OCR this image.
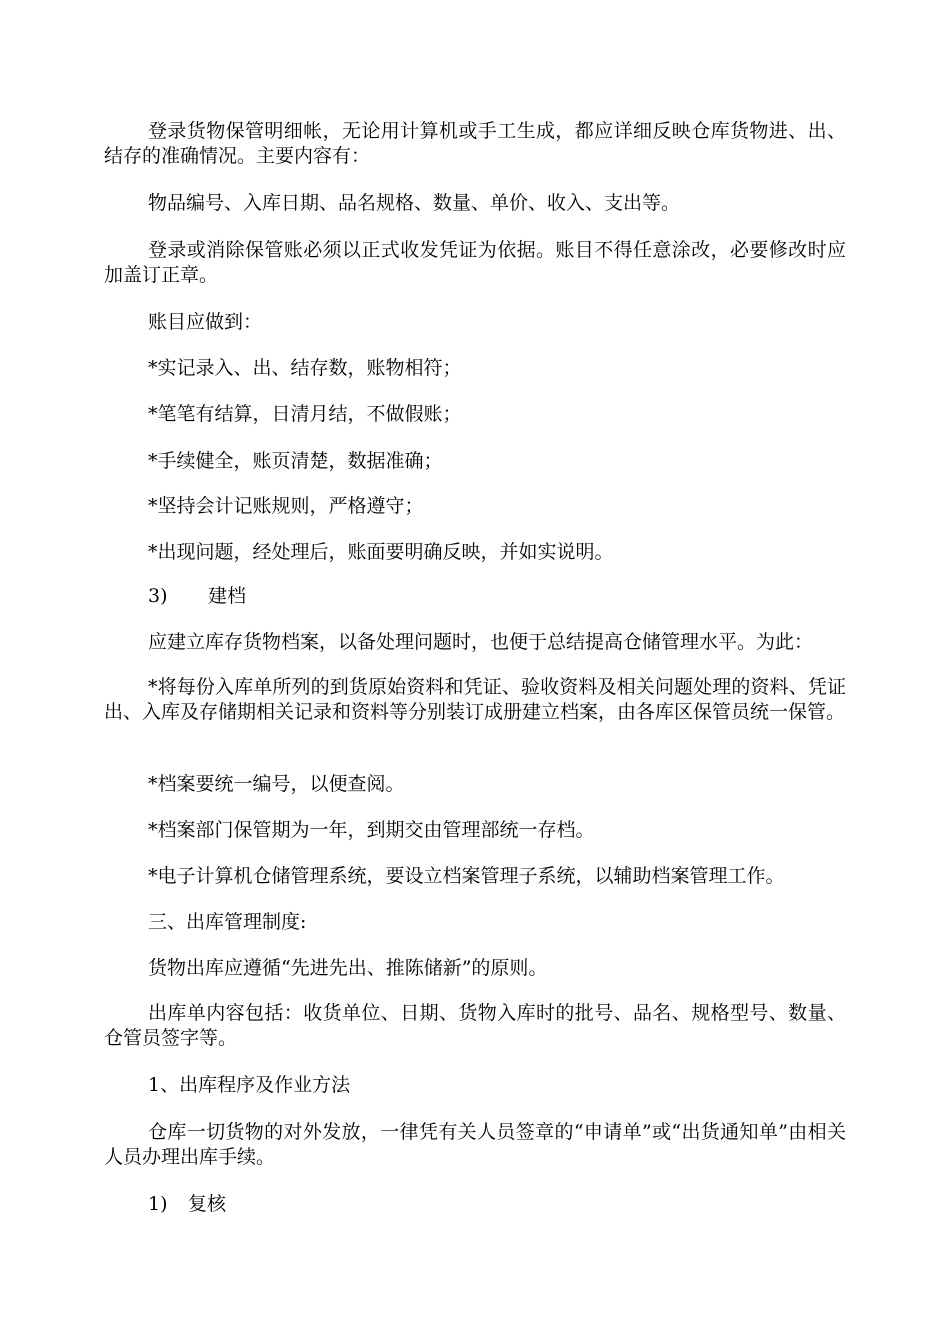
登录货物保管明细帐，无论用计算机或手工生成，都应详细反映仓库货物进、出、结存的准确情况。主要内容有：

物品编号、入库日期、品名规格、数量、单价、收入、支出等。

登录或消除保管账必须以正式收发凭证为依据。账目不得任意涂改，必要修改时应加盖订正章。

账目应做到：

*实记录入、出、结存数，账物相符；

*笔笔有结算，日清月结，不做假账；

*手续健全，账页清楚，数据准确；

*坚持会计记账规则，严格遵守；

*出现问题，经处理后，账面要明确反映，并如实说明。

3) 建档

应建立库存货物档案，以备处理问题时，也便于总结提高仓储管理水平。为此：

*将每份入库单所列的到货原始资料和凭证、验收资料及相关问题处理的资料、凭证出、入库及存储期相关记录和资料等分别装订成册建立档案，由各库区保管员统一保管。

*档案要统一编号，以便查阅。

*档案部门保管期为一年，到期交由管理部统一存档。

*电子计算机仓储管理系统，要设立档案管理子系统，以辅助档案管理工作。

三、出库管理制度:

货物出库应遵循“先进先出、推陈储新”的原则。

出库单内容包括：收货单位、日期、货物入库时的批号、品名、规格型号、数量、仓管员签字等。

1、出库程序及作业方法

仓库一切货物的对外发放，一律凭有关人员签章的“申请单”或“出货通知单”由相关人员办理出库手续。

1) 复核
